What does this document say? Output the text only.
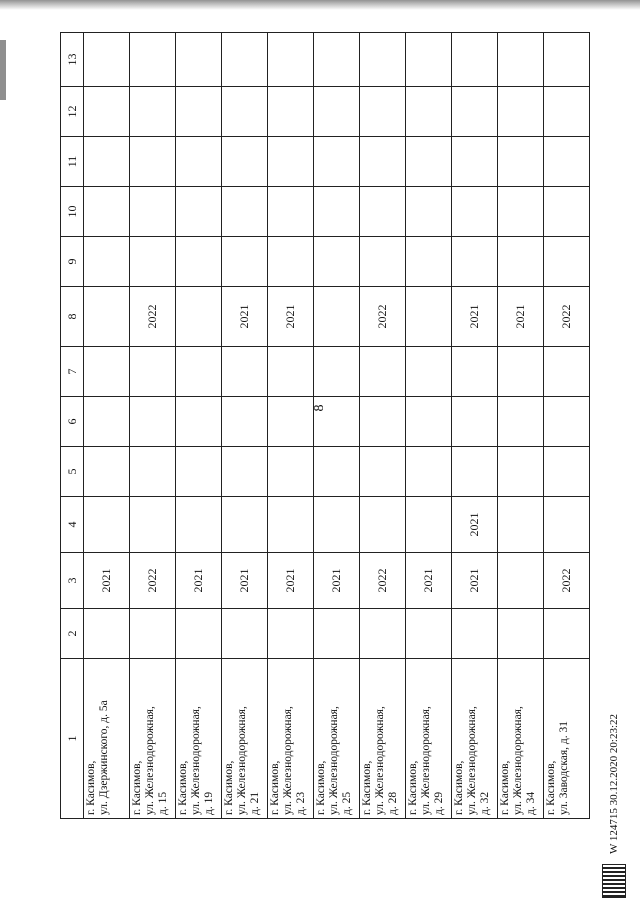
8
1	2	3	4	5	6	7	8	9	10	11	12	13

г. Касимов, ул. Дзержинского, д. 5а		2021										

г. Касимов, ул. Железнодорожная, д. 15		2022					2022					

г. Касимов, ул. Железнодорожная, д. 19		2021										

г. Касимов, ул. Железнодорожная, д. 21		2021					2021					

г. Касимов, ул. Железнодорожная, д. 23		2021					2021					

г. Касимов, ул. Железнодорожная, д. 25		2021										

г. Касимов, ул. Железнодорожная, д. 28		2022					2022					

г. Касимов, ул. Железнодорожная, д. 29		2021										

г. Касимов, ул. Железнодорожная, д. 32		2021	2021				2021					

г. Касимов, ул. Железнодорожная, д. 34							2021					

г. Касимов, ул. Заводская, д. 31		2022					2022					
W 124715 30.12.2020 20:23:22
